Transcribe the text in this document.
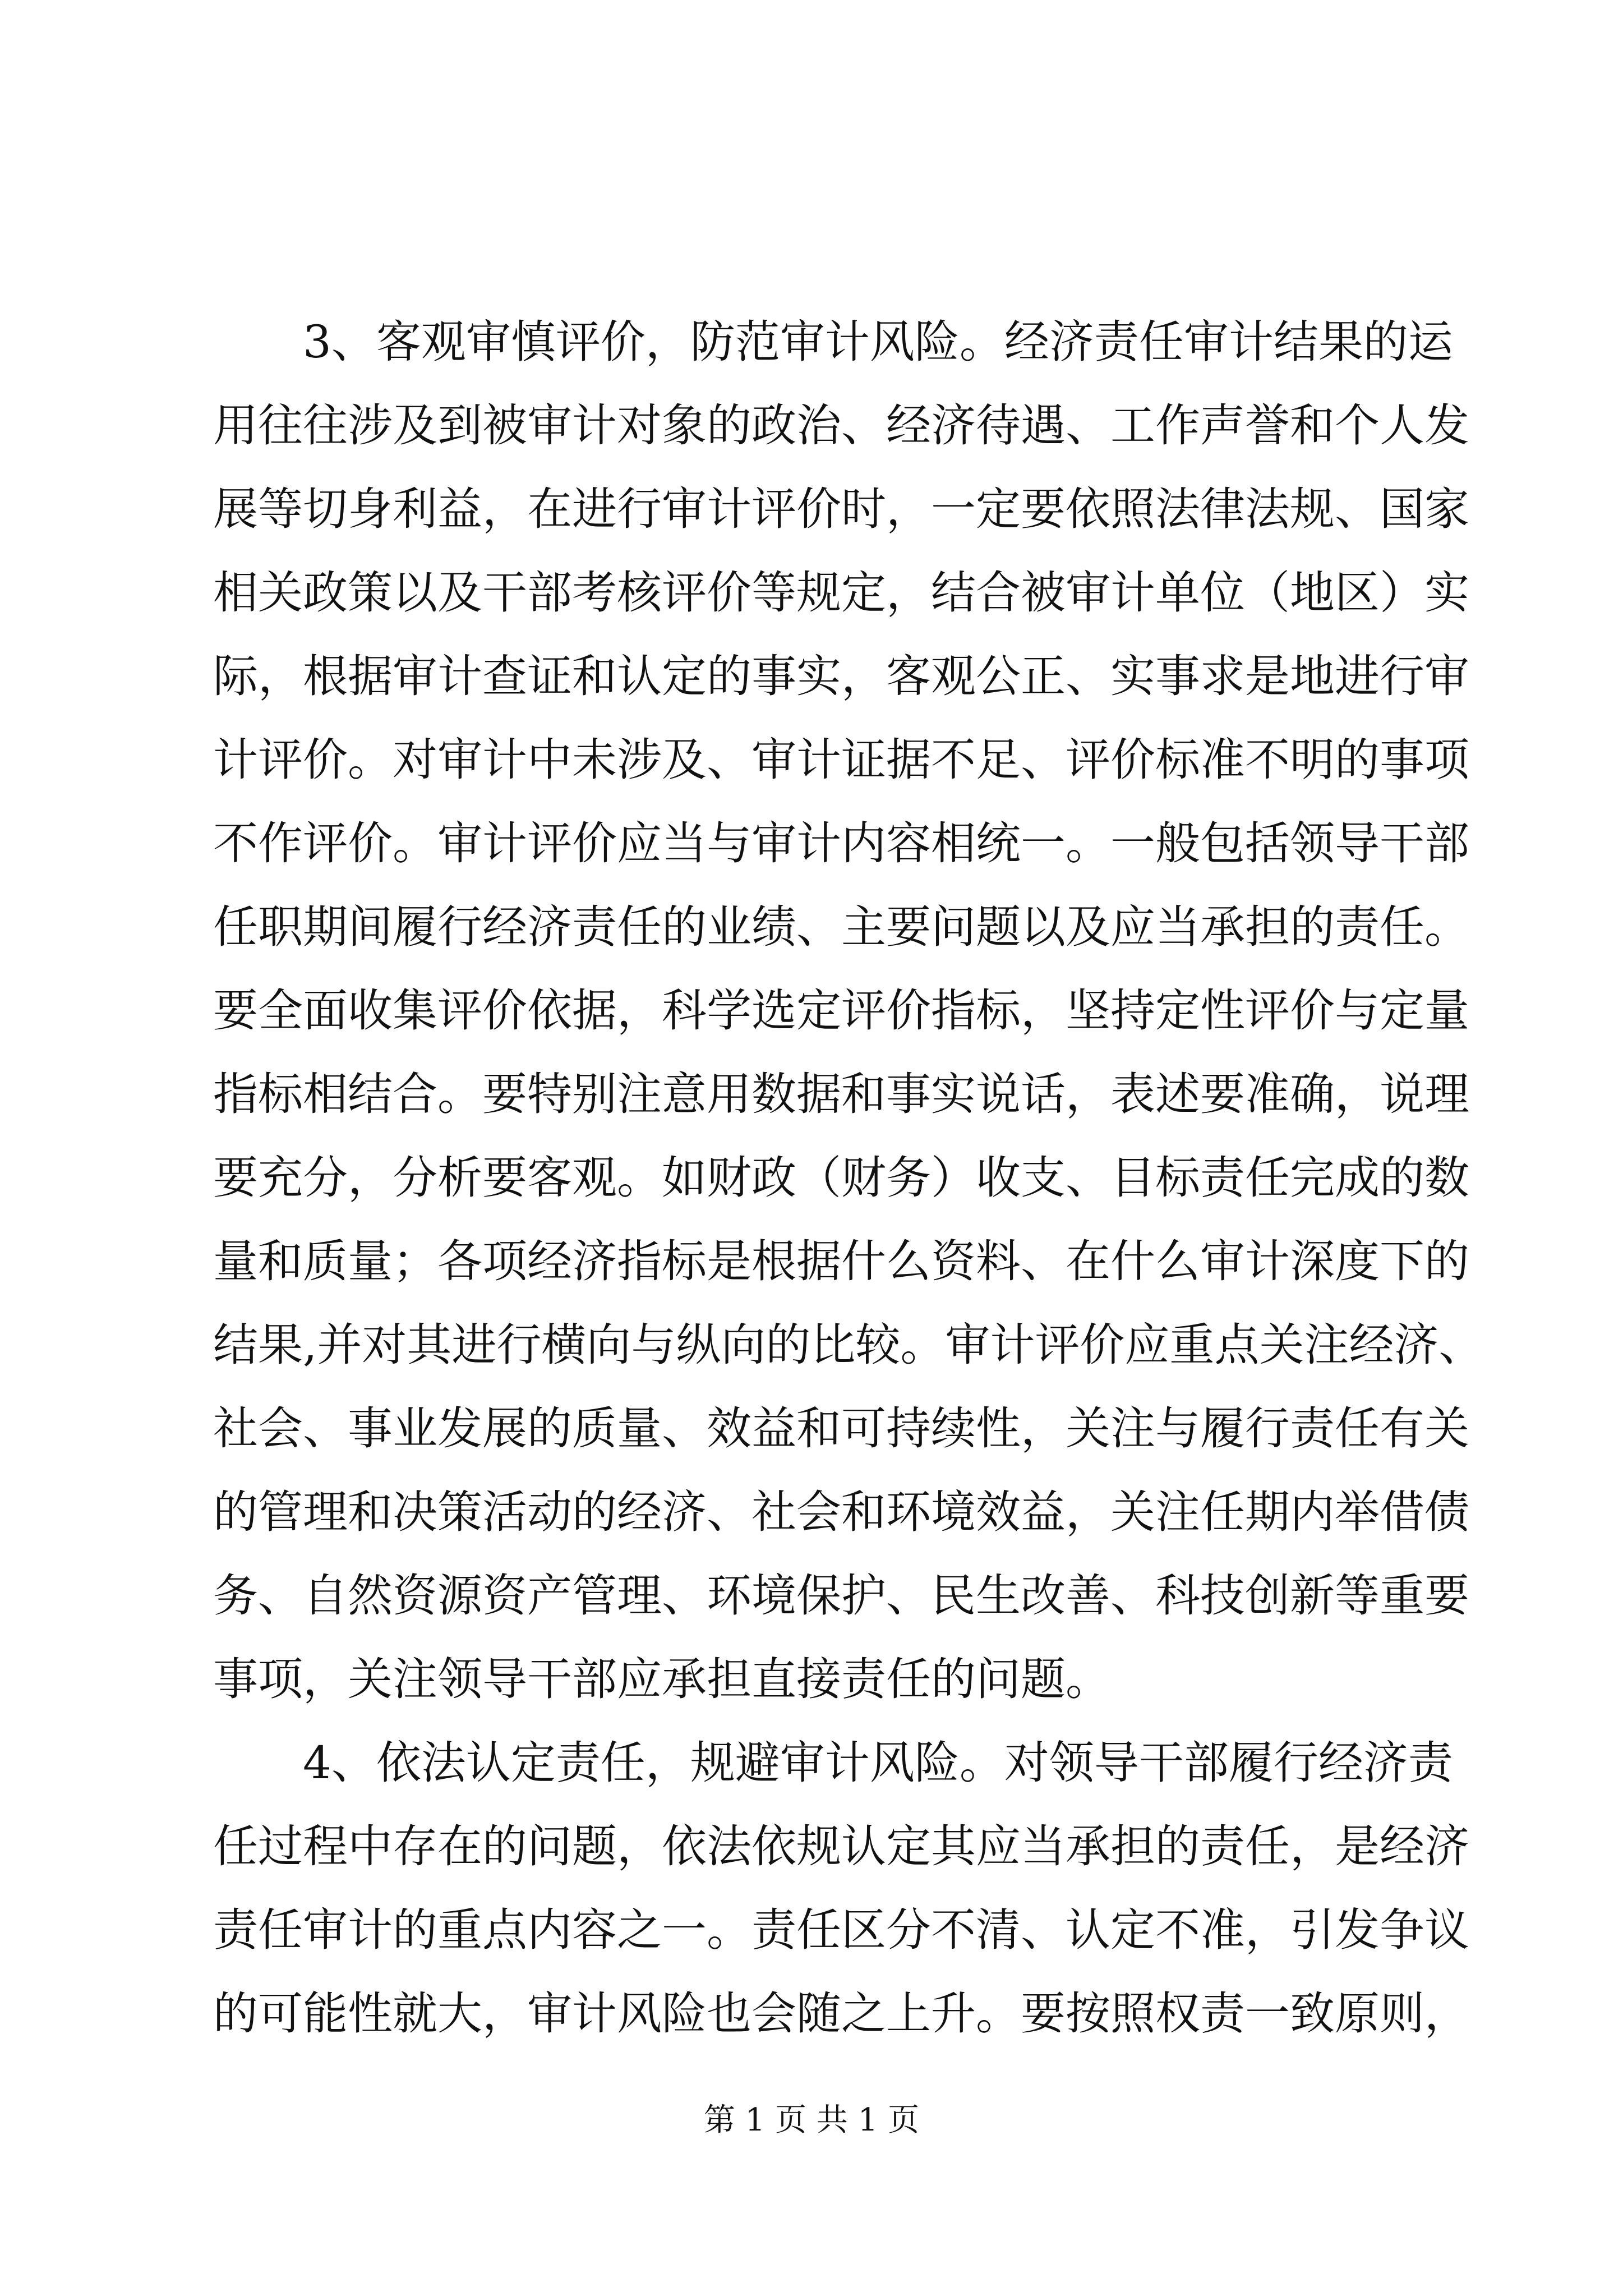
3、客观审慎评价，防范审计风险。经济责任审计结果的运
用往往涉及到被审计对象的政治、经济待遇、工作声誉和个人发
展等切身利益，在进行审计评价时，一定要依照法律法规、国家
相关政策以及干部考核评价等规定，结合被审计单位（地区）实
际，根据审计查证和认定的事实，客观公正、实事求是地进行审
计评价。对审计中未涉及、审计证据不足、评价标准不明的事项
不作评价。审计评价应当与审计内容相统一。一般包括领导干部
任职期间履行经济责任的业绩、主要问题以及应当承担的责任。
要全面收集评价依据，科学选定评价指标，坚持定性评价与定量
指标相结合。要特别注意用数据和事实说话，表述要准确，说理
要充分，分析要客观。如财政（财务）收支、目标责任完成的数
量和质量；各项经济指标是根据什么资料、在什么审计深度下的
结果,并对其进行横向与纵向的比较。审计评价应重点关注经济、
社会、事业发展的质量、效益和可持续性，关注与履行责任有关
的管理和决策活动的经济、社会和环境效益，关注任期内举借债
务、自然资源资产管理、环境保护、民生改善、科技创新等重要
事项，关注领导干部应承担直接责任的问题。
4、依法认定责任，规避审计风险。对领导干部履行经济责
任过程中存在的问题，依法依规认定其应当承担的责任，是经济
责任审计的重点内容之一。责任区分不清、认定不准，引发争议
的可能性就大，审计风险也会随之上升。要按照权责一致原则，
第 1 页 共 1 页
